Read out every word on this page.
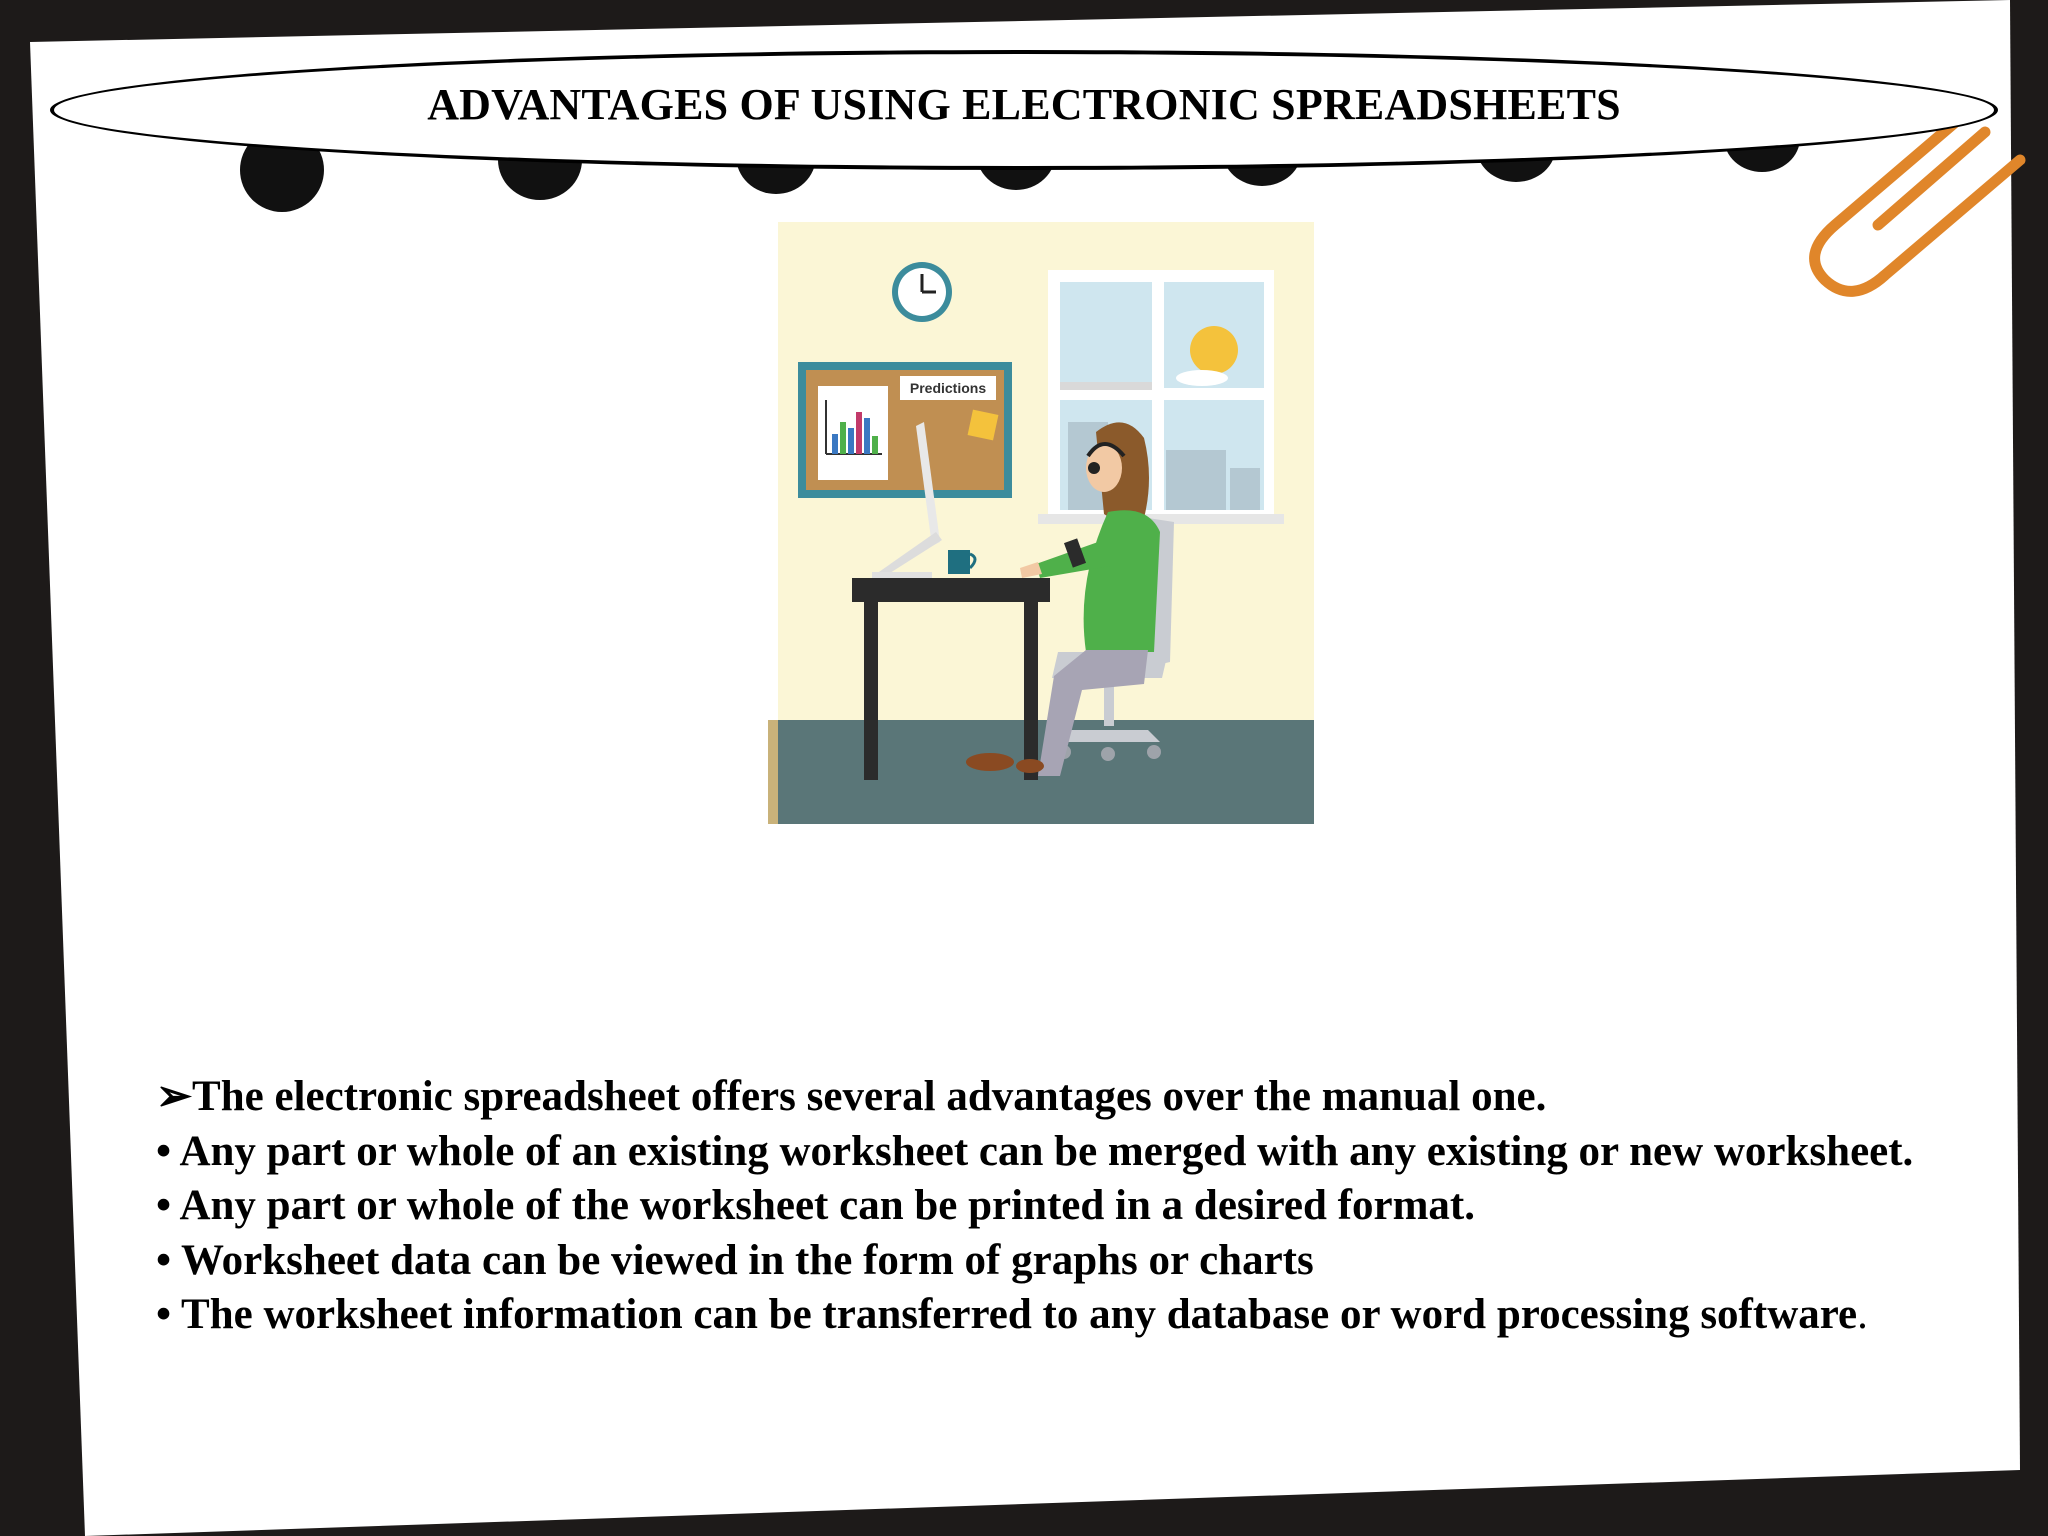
ADVANTAGES OF USING ELECTRONIC SPREADSHEETS
Predictions
➢The electronic spreadsheet offers several advantages over the manual one.
• Any part or whole of an existing worksheet can be merged with any existing or new worksheet.
• Any part or whole of the worksheet can be printed in a desired format.
• Worksheet data can be viewed in the form of graphs or charts
• The worksheet information can be transferred to any database or word processing software.
